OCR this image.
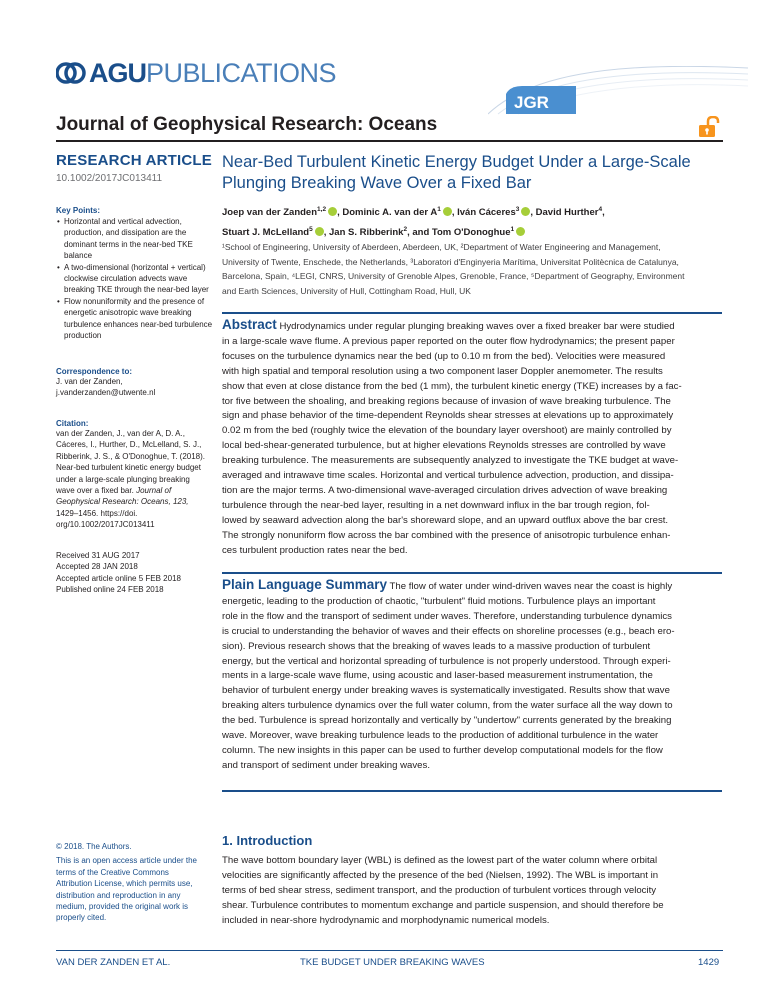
AGU PUBLICATIONS
JGR
Journal of Geophysical Research: Oceans
RESEARCH ARTICLE
10.1002/2017JC013411
Key Points:
• Horizontal and vertical advection, production, and dissipation are the dominant terms in the near-bed TKE balance
• A two-dimensional (horizontal + vertical) clockwise circulation advects wave breaking TKE through the near-bed layer
• Flow nonuniformity and the presence of energetic anisotropic wave breaking turbulence enhances near-bed turbulence production
Correspondence to:
J. van der Zanden,
j.vanderzanden@utwente.nl
Citation:
van der Zanden, J., van der A, D. A., Cáceres, I., Hurther, D., McLelland, S. J., Ribberink, J. S., & O'Donoghue, T. (2018). Near-bed turbulent kinetic energy budget under a large-scale plunging breaking wave over a fixed bar. Journal of Geophysical Research: Oceans, 123, 1429–1456. https://doi. org/10.1002/2017JC013411
Received 31 AUG 2017
Accepted 28 JAN 2018
Accepted article online 5 FEB 2018
Published online 24 FEB 2018
© 2018. The Authors.
This is an open access article under the terms of the Creative Commons Attribution License, which permits use, distribution and reproduction in any medium, provided the original work is properly cited.
Near-Bed Turbulent Kinetic Energy Budget Under a Large-Scale
Plunging Breaking Wave Over a Fixed Bar
Joep van der Zanden$^{1,2}$ , Dominic A. van der $A^1$ , Iván Cáceres$^3$ , David Hurther$^4$,
Stuart J. McLelland$^5$ , Jan S. Ribberink$^2$, and Tom O'Donoghue$^1$
¹School of Engineering, University of Aberdeen, Aberdeen, UK, ²Department of Water Engineering and Management,
University of Twente, Enschede, the Netherlands, ³Laboratori d'Enginyeria Marítima, Universitat Politècnica de Catalunya,
Barcelona, Spain, ⁴LEGI, CNRS, University of Grenoble Alpes, Grenoble, France, ⁵Department of Geography, Environment
and Earth Sciences, University of Hull, Cottingham Road, Hull, UK
Abstract Hydrodynamics under regular plunging breaking waves over a fixed breaker bar were studied
in a large-scale wave flume. A previous paper reported on the outer flow hydrodynamics; the present paper
focuses on the turbulence dynamics near the bed (up to 0.10 m from the bed). Velocities were measured
with high spatial and temporal resolution using a two component laser Doppler anemometer. The results
show that even at close distance from the bed (1 mm), the turbulent kinetic energy (TKE) increases by a fac-
tor five between the shoaling, and breaking regions because of invasion of wave breaking turbulence. The
sign and phase behavior of the time-dependent Reynolds shear stresses at elevations up to approximately
0.02 m from the bed (roughly twice the elevation of the boundary layer overshoot) are mainly controlled by
local bed-shear-generated turbulence, but at higher elevations Reynolds stresses are controlled by wave
breaking turbulence. The measurements are subsequently analyzed to investigate the TKE budget at wave-
averaged and intrawave time scales. Horizontal and vertical turbulence advection, production, and dissipa-
tion are the major terms. A two-dimensional wave-averaged circulation drives advection of wave breaking
turbulence through the near-bed layer, resulting in a net downward influx in the bar trough region, fol-
lowed by seaward advection along the bar's shoreward slope, and an upward outflux above the bar crest.
The strongly nonuniform flow across the bar combined with the presence of anisotropic turbulence enhan-
ces turbulent production rates near the bed.
Plain Language Summary The flow of water under wind-driven waves near the coast is highly
energetic, leading to the production of chaotic, "turbulent" fluid motions. Turbulence plays an important
role in the flow and the transport of sediment under waves. Therefore, understanding turbulence dynamics
is crucial to understanding the behavior of waves and their effects on shoreline processes (e.g., beach ero-
sion). Previous research shows that the breaking of waves leads to a massive production of turbulent
energy, but the vertical and horizontal spreading of turbulence is not properly understood. Through experi-
ments in a large-scale wave flume, using acoustic and laser-based measurement instrumentation, the
behavior of turbulent energy under breaking waves is systematically investigated. Results show that wave
breaking alters turbulence dynamics over the full water column, from the water surface all the way down to
the bed. Turbulence is spread horizontally and vertically by "undertow" currents generated by the breaking
wave. Moreover, wave breaking turbulence leads to the production of additional turbulence in the water
column. The new insights in this paper can be used to further develop computational models for the flow
and transport of sediment under breaking waves.
1. Introduction
The wave bottom boundary layer (WBL) is defined as the lowest part of the water column where orbital
velocities are significantly affected by the presence of the bed (Nielsen, 1992). The WBL is important in
terms of bed shear stress, sediment transport, and the production of turbulent vortices through velocity
shear. Turbulence contributes to momentum exchange and particle suspension, and should therefore be
included in near-shore hydrodynamic and morphodynamic numerical models.
VAN DER ZANDEN ET AL.	TKE BUDGET UNDER BREAKING WAVES	1429
